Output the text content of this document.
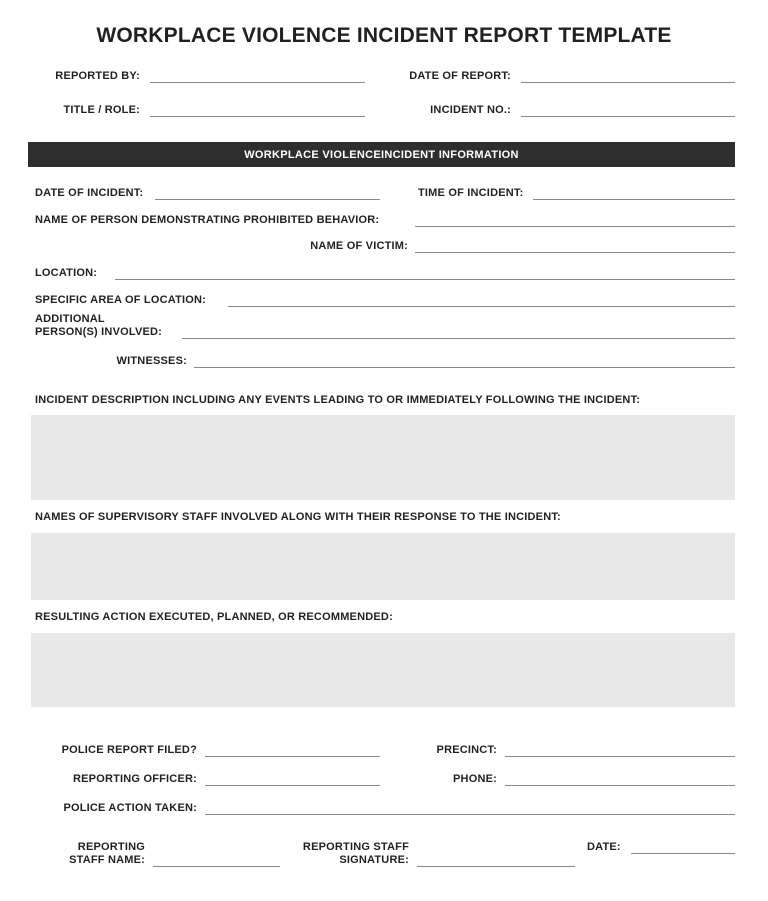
WORKPLACE VIOLENCE INCIDENT REPORT TEMPLATE
REPORTED BY:	DATE OF REPORT:
TITLE / ROLE:	INCIDENT NO.:
WORKPLACE VIOLENCEINCIDENT INFORMATION
DATE OF INCIDENT:	TIME OF INCIDENT:
NAME OF PERSON DEMONSTRATING PROHIBITED BEHAVIOR:
NAME OF VICTIM:
LOCATION:
SPECIFIC AREA OF LOCATION:
ADDITIONAL
PERSON(S) INVOLVED:
WITNESSES:
INCIDENT DESCRIPTION INCLUDING ANY EVENTS LEADING TO OR IMMEDIATELY FOLLOWING THE INCIDENT:
NAMES OF SUPERVISORY STAFF INVOLVED ALONG WITH THEIR RESPONSE TO THE INCIDENT:
RESULTING ACTION EXECUTED, PLANNED, OR RECOMMENDED:
POLICE REPORT FILED?	PRECINCT:
REPORTING OFFICER:	PHONE:
POLICE ACTION TAKEN:
REPORTING
STAFF NAME:
REPORTING STAFF
SIGNATURE:
DATE:
